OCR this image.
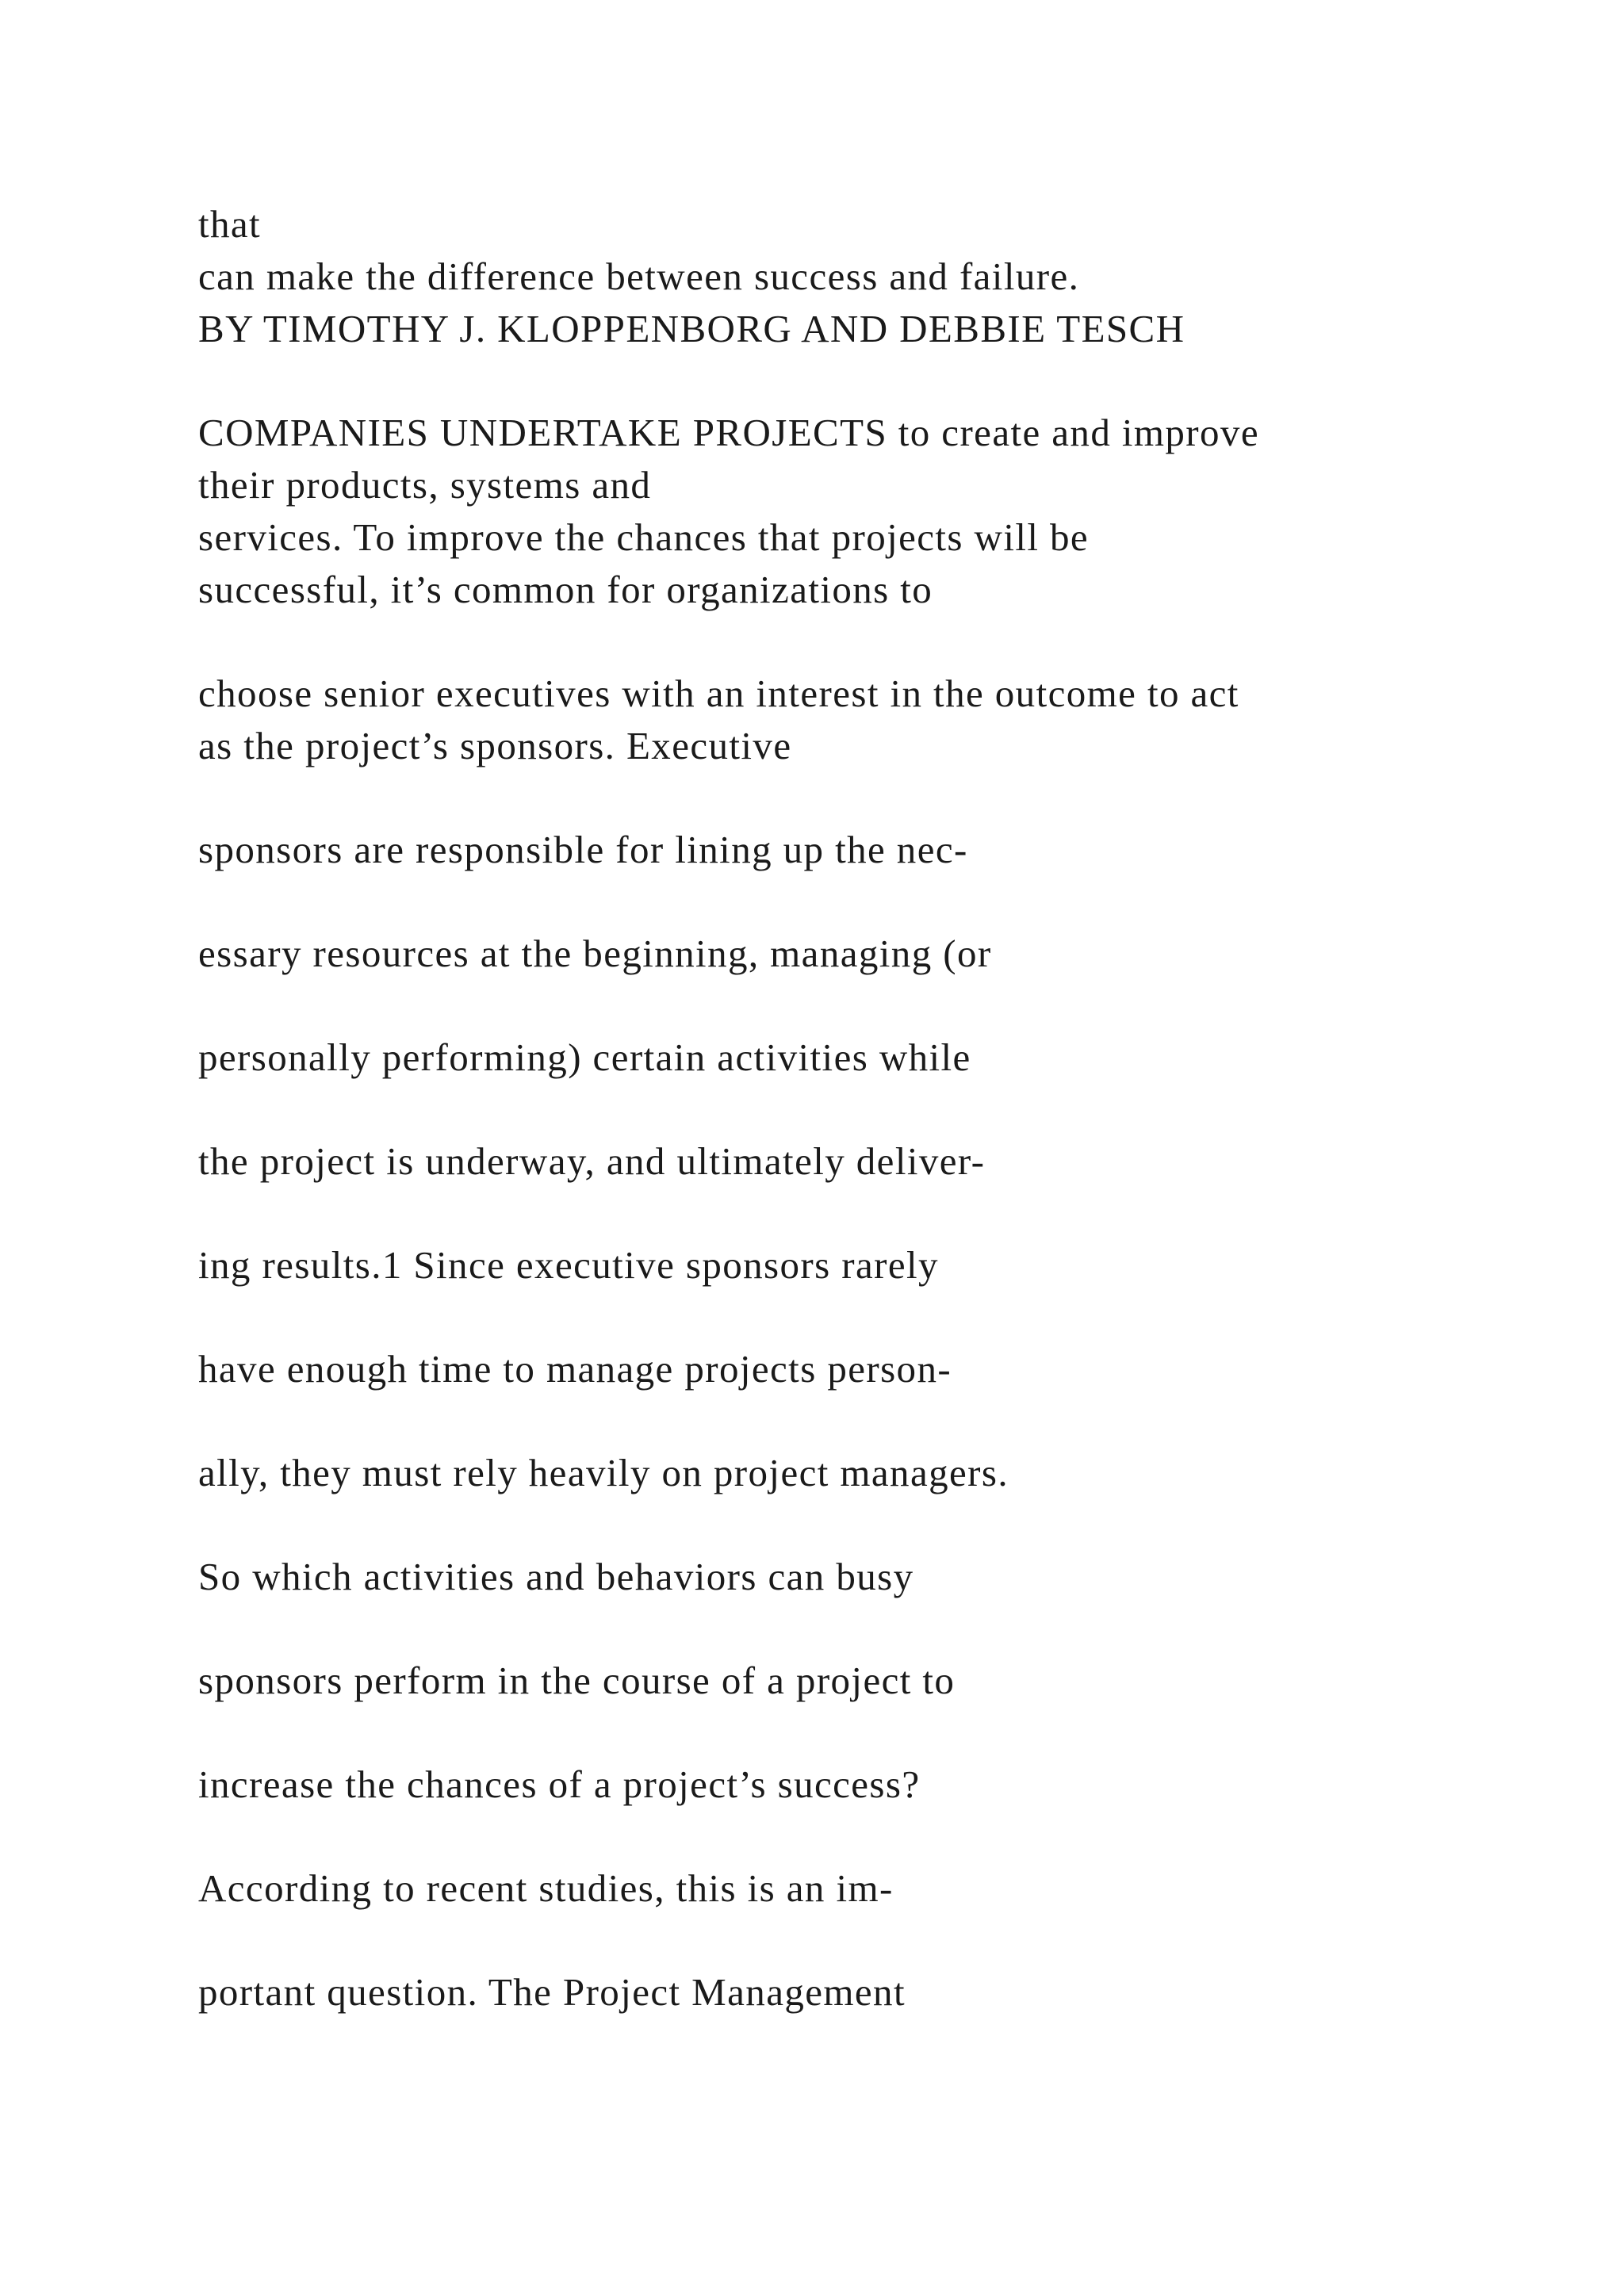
that
can make the difference between success and failure.
BY TIMOTHY J. KLOPPENBORG AND DEBBIE TESCH
COMPANIES UNDERTAKE PROJECTS to create and improve
their products, systems and
services. To improve the chances that projects will be
successful, it’s common for organizations to
choose senior executives with an interest in the outcome to act
as the project’s sponsors. Executive
sponsors are responsible for lining up the nec-
essary resources at the beginning, managing (or
personally performing) certain activities while
the project is underway, and ultimately deliver-
ing results.1 Since executive sponsors rarely
have enough time to manage projects person-
ally, they must rely heavily on project managers.
So which activities and behaviors can busy
sponsors perform in the course of a project to
increase the chances of a project’s success?
According to recent studies, this is an im-
portant question. The Project Management
